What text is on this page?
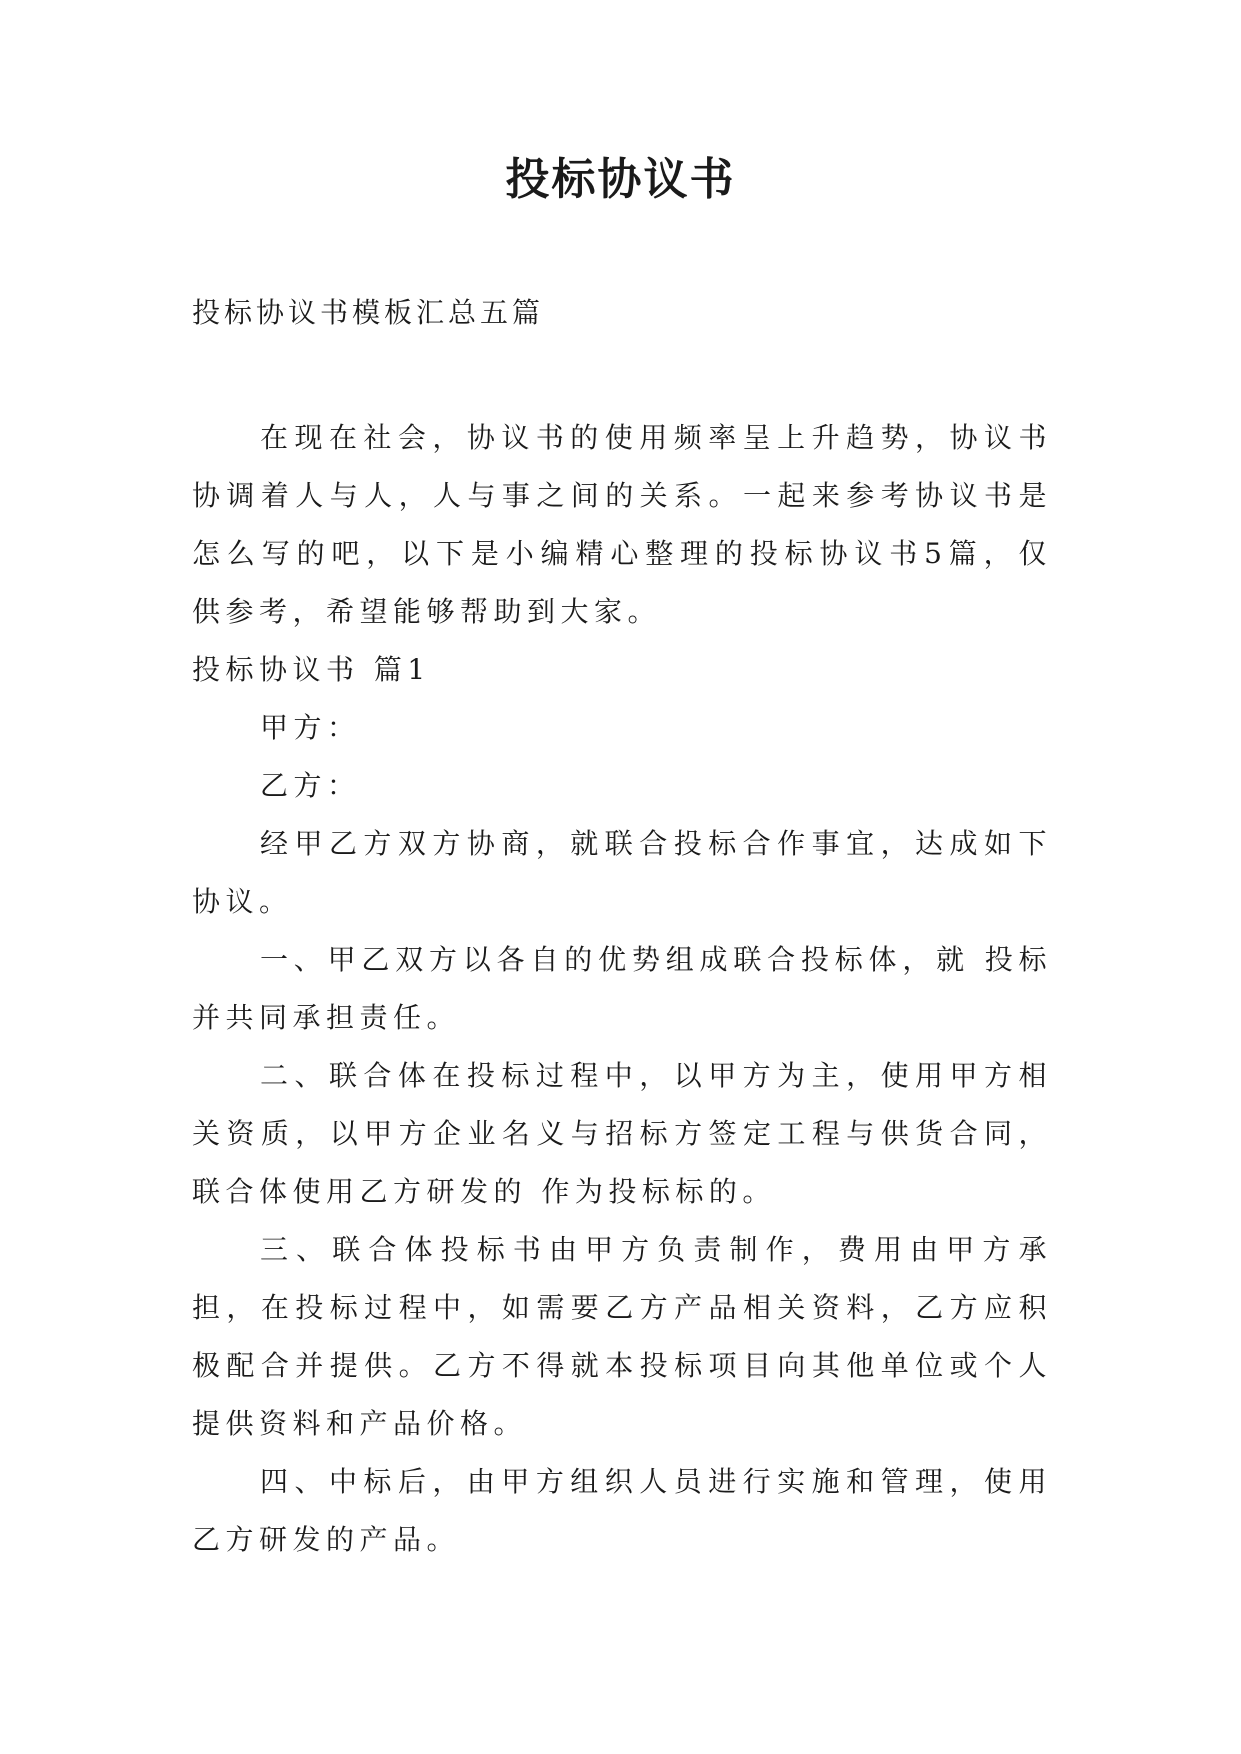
投标协议书
投标协议书模板汇总五篇

在现在社会，协议书的使用频率呈上升趋势，协议书协调着人与人，人与事之间的关系。一起来参考协议书是怎么写的吧，以下是小编精心整理的投标协议书5篇，仅供参考，希望能够帮助到大家。

投标协议书 篇1

甲方：

乙方：

经甲乙方双方协商，就联合投标合作事宜，达成如下协议。

一、甲乙双方以各自的优势组成联合投标体，就 投标并共同承担责任。

二、联合体在投标过程中，以甲方为主，使用甲方相关资质，以甲方企业名义与招标方签定工程与供货合同，联合体使用乙方研发的 作为投标标的。

三、联合体投标书由甲方负责制作，费用由甲方承担，在投标过程中，如需要乙方产品相关资料，乙方应积极配合并提供。乙方不得就本投标项目向其他单位或个人提供资料和产品价格。

四、中标后，由甲方组织人员进行实施和管理，使用乙方研发的产品。
